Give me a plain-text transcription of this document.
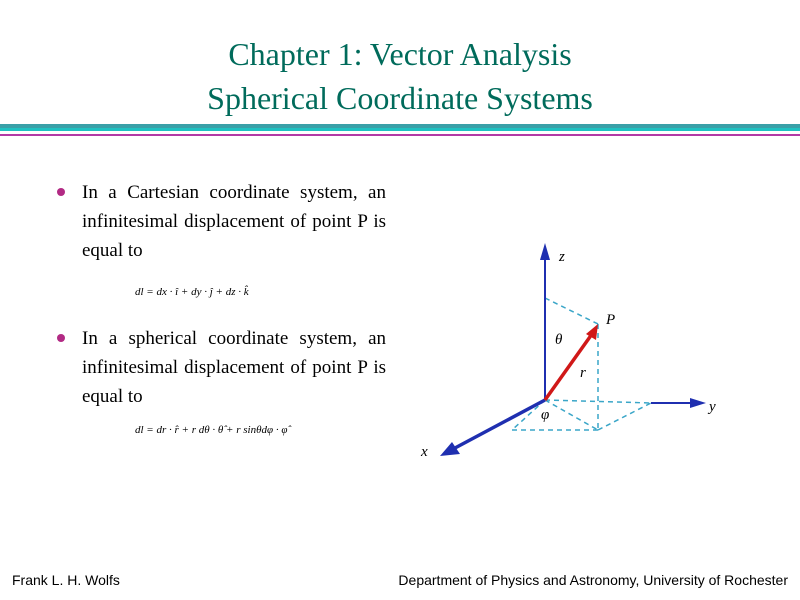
Chapter 1: Vector Analysis
Spherical Coordinate Systems
In a Cartesian coordinate system, an infinitesimal displacement of point P is equal to
dl = dx · î + dy · ĵ + dz · k̂
In a spherical coordinate system, an infinitesimal displacement of point P is equal to
dl = dr · r̂ + r dθ · θ̂ + r sinθdφ · φ̂
z
y
x
P
r
θ
φ
Frank L. H. Wolfs	Department of Physics and Astronomy, University of Rochester
